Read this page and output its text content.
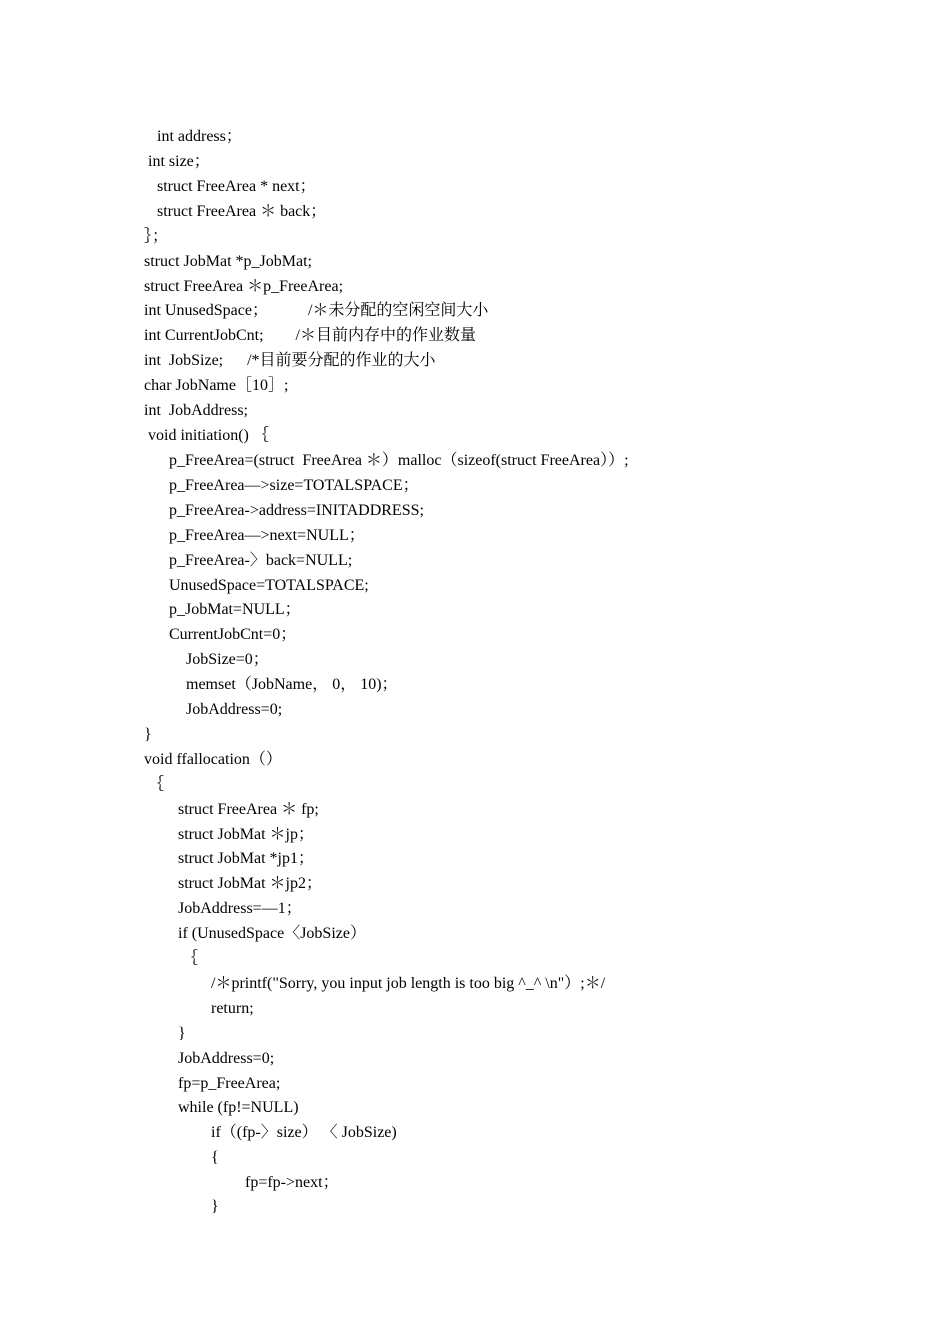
int address；
int size；
struct FreeArea * next；
struct FreeArea ＊ back；
｝；
struct JobMat *p_JobMat;
struct FreeArea ＊p_FreeArea;
int UnusedSpace；          /＊未分配的空闲空间大小
int CurrentJobCnt;        /＊目前内存中的作业数量
int  JobSize;      /*目前要分配的作业的大小
char JobName［10］;
int  JobAddress;
void initiation() ｛
p_FreeArea=(struct  FreeArea ＊）malloc（sizeof(struct FreeArea））;
p_FreeArea—>size=TOTALSPACE；
p_FreeArea->address=INITADDRESS;
p_FreeArea—>next=NULL；
p_FreeArea-〉back=NULL;
UnusedSpace=TOTALSPACE;
p_JobMat=NULL；
CurrentJobCnt=0；
JobSize=0；
memset（JobName， 0， 10)；
JobAddress=0;
}
void ffallocation（）
｛
struct FreeArea ＊ fp;
struct JobMat ＊jp；
struct JobMat *jp1；
struct JobMat ＊jp2；
JobAddress=—1；
if (UnusedSpace〈JobSize）
｛
/＊printf("Sorry, you input job length is too big ^_^ \n"）;＊/
return;
}
JobAddress=0;
fp=p_FreeArea;
while (fp!=NULL)
if（(fp-〉size） 〈 JobSize)
{
fp=fp->next；
}
